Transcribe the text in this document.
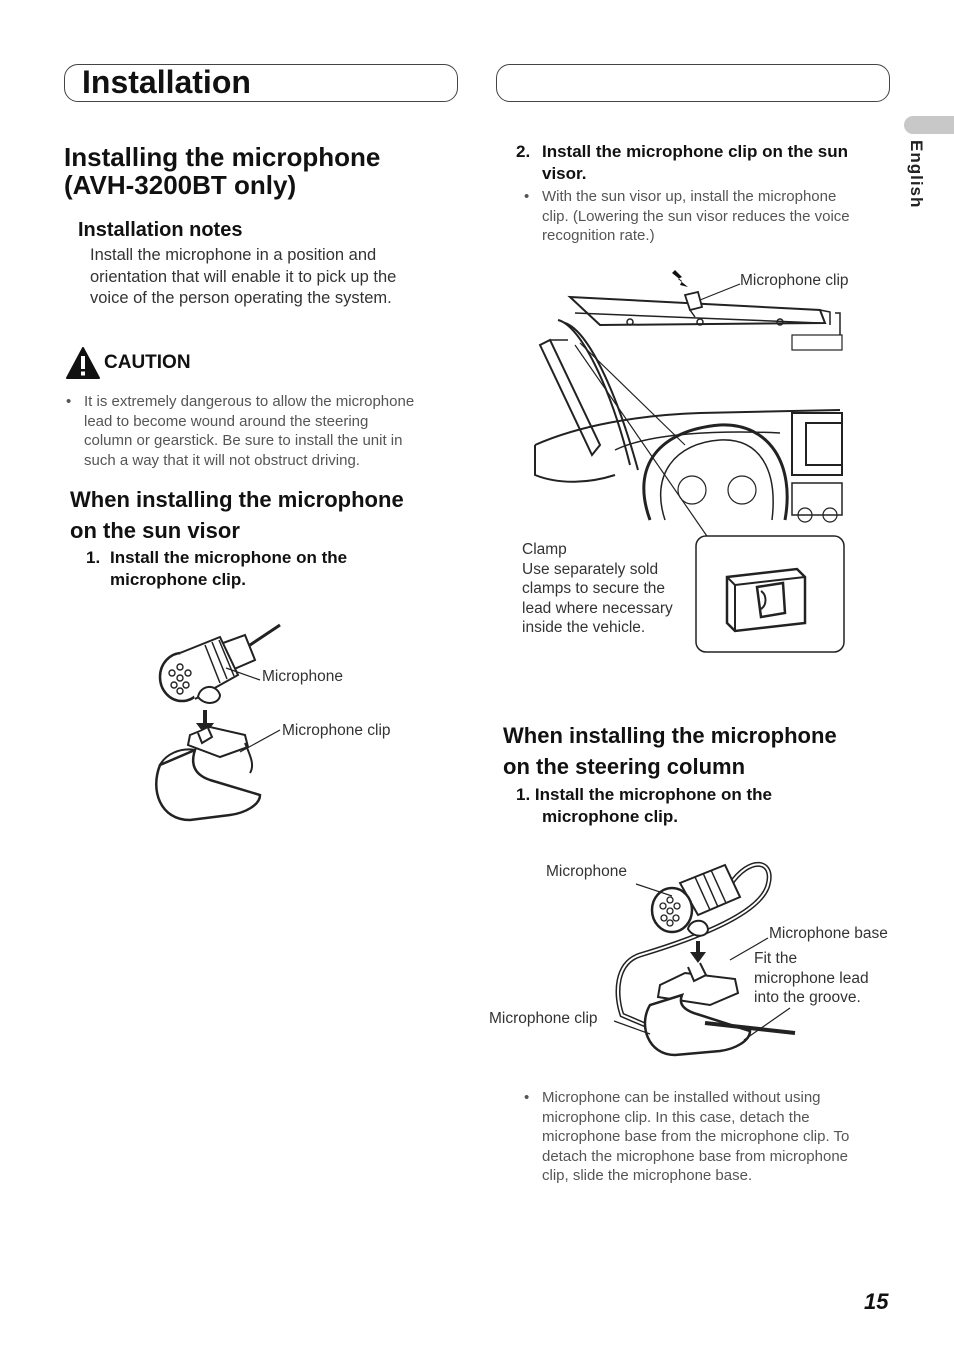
Installation
English
Installing the microphone
(AVH-3200BT only)
Installation notes
Install the microphone in a position and
orientation that will enable it to pick up the
voice of the person operating the system.
CAUTION
• It is extremely dangerous to allow the microphone
lead to become wound around the steering
column or gearstick. Be sure to install the unit in
such a way that it will not obstruct driving.
When installing the microphone
on the sun visor
1. Install the microphone on the
microphone clip.
Microphone
Microphone clip
2. Install the microphone clip on the sun
visor.
• With the sun visor up, install the microphone
clip. (Lowering the sun visor reduces the voice
recognition rate.)
Microphone clip
Clamp
Use separately sold
clamps to secure the
lead where necessary
inside the vehicle.
When installing the microphone
on the steering column
1. Install the microphone on the
microphone clip.
Microphone
Microphone base
Fit the
microphone lead
into the groove.
Microphone clip
• Microphone can be installed without using
microphone clip. In this case, detach the
microphone base from the microphone clip. To
detach the microphone base from microphone
clip, slide the microphone base.
15
